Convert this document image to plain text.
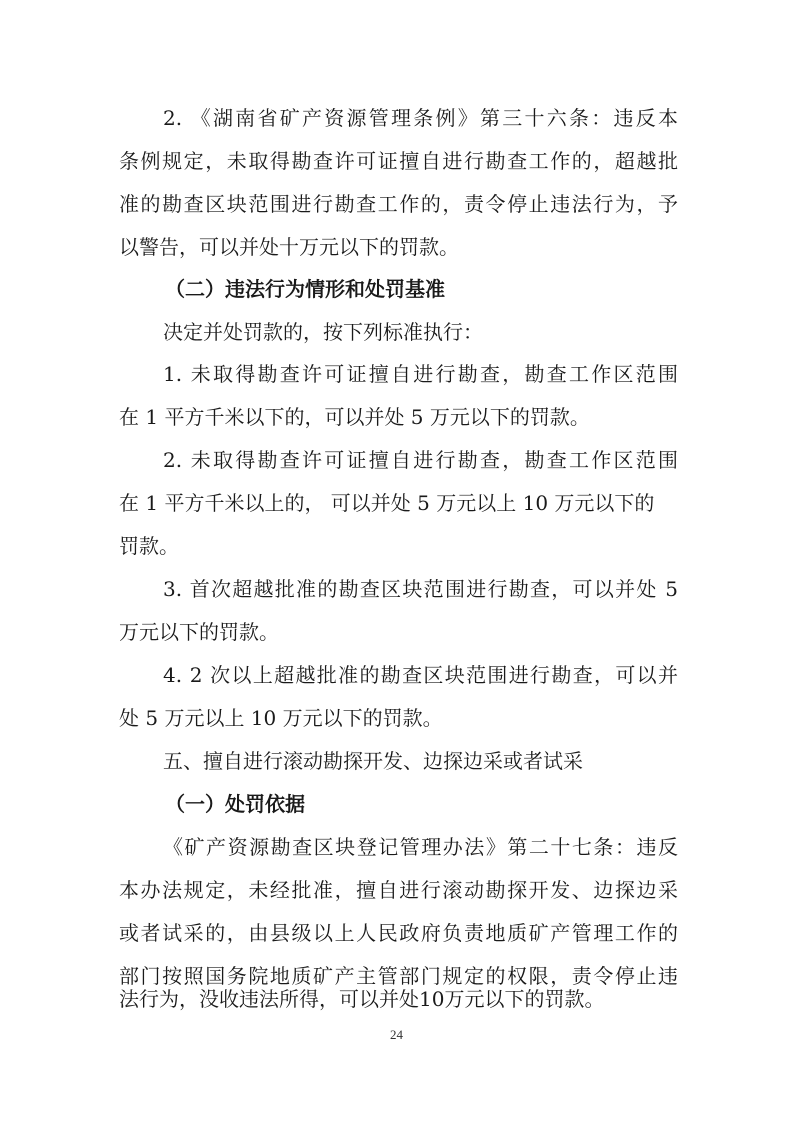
2. 《湖南省矿产资源管理条例》第三十六条：违反本
条例规定，未取得勘查许可证擅自进行勘查工作的，超越批
准的勘查区块范围进行勘查工作的，责令停止违法行为，予
以警告，可以并处十万元以下的罚款。
（二）违法行为情形和处罚基准
决定并处罚款的，按下列标准执行：
1. 未取得勘查许可证擅自进行勘查，勘查工作区范围
在 1 平方千米以下的，可以并处 5 万元以下的罚款。
2. 未取得勘查许可证擅自进行勘查，勘查工作区范围
在 1 平方千米以上的， 可以并处 5 万元以上 10 万元以下的
罚款。
3. 首次超越批准的勘查区块范围进行勘查，可以并处 5
万元以下的罚款。
4. 2 次以上超越批准的勘查区块范围进行勘查，可以并
处 5 万元以上 10 万元以下的罚款。
五、擅自进行滚动勘探开发、边探边采或者试采
（一）处罚依据
《矿产资源勘查区块登记管理办法》第二十七条：违反
本办法规定，未经批准，擅自进行滚动勘探开发、边探边采
或者试采的，由县级以上人民政府负责地质矿产管理工作的
部门按照国务院地质矿产主管部门规定的权限，责令停止违
法行为，没收违法所得，可以并处10万元以下的罚款。
24
